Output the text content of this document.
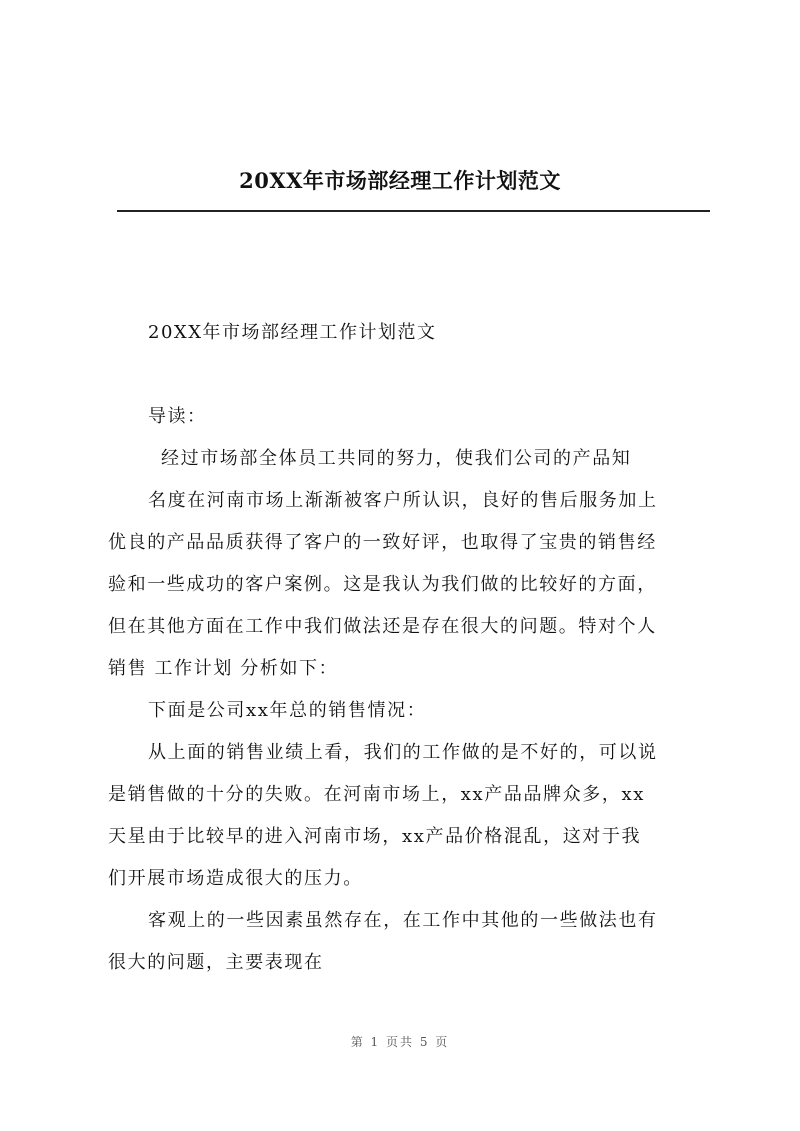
20XX年市场部经理工作计划范文
20XX年市场部经理工作计划范文
导读：
经过市场部全体员工共同的努力，使我们公司的产品知
名度在河南市场上渐渐被客户所认识，良好的售后服务加上
优良的产品品质获得了客户的一致好评，也取得了宝贵的销售经
验和一些成功的客户案例。这是我认为我们做的比较好的方面，
但在其他方面在工作中我们做法还是存在很大的问题。特对个人
销售 工作计划 分析如下：
下面是公司xx年总的销售情况：
从上面的销售业绩上看，我们的工作做的是不好的，可以说
是销售做的十分的失败。在河南市场上，xx产品品牌众多，xx
天星由于比较早的进入河南市场，xx产品价格混乱，这对于我
们开展市场造成很大的压力。
客观上的一些因素虽然存在，在工作中其他的一些做法也有
很大的问题，主要表现在
第 1 页共 5 页
